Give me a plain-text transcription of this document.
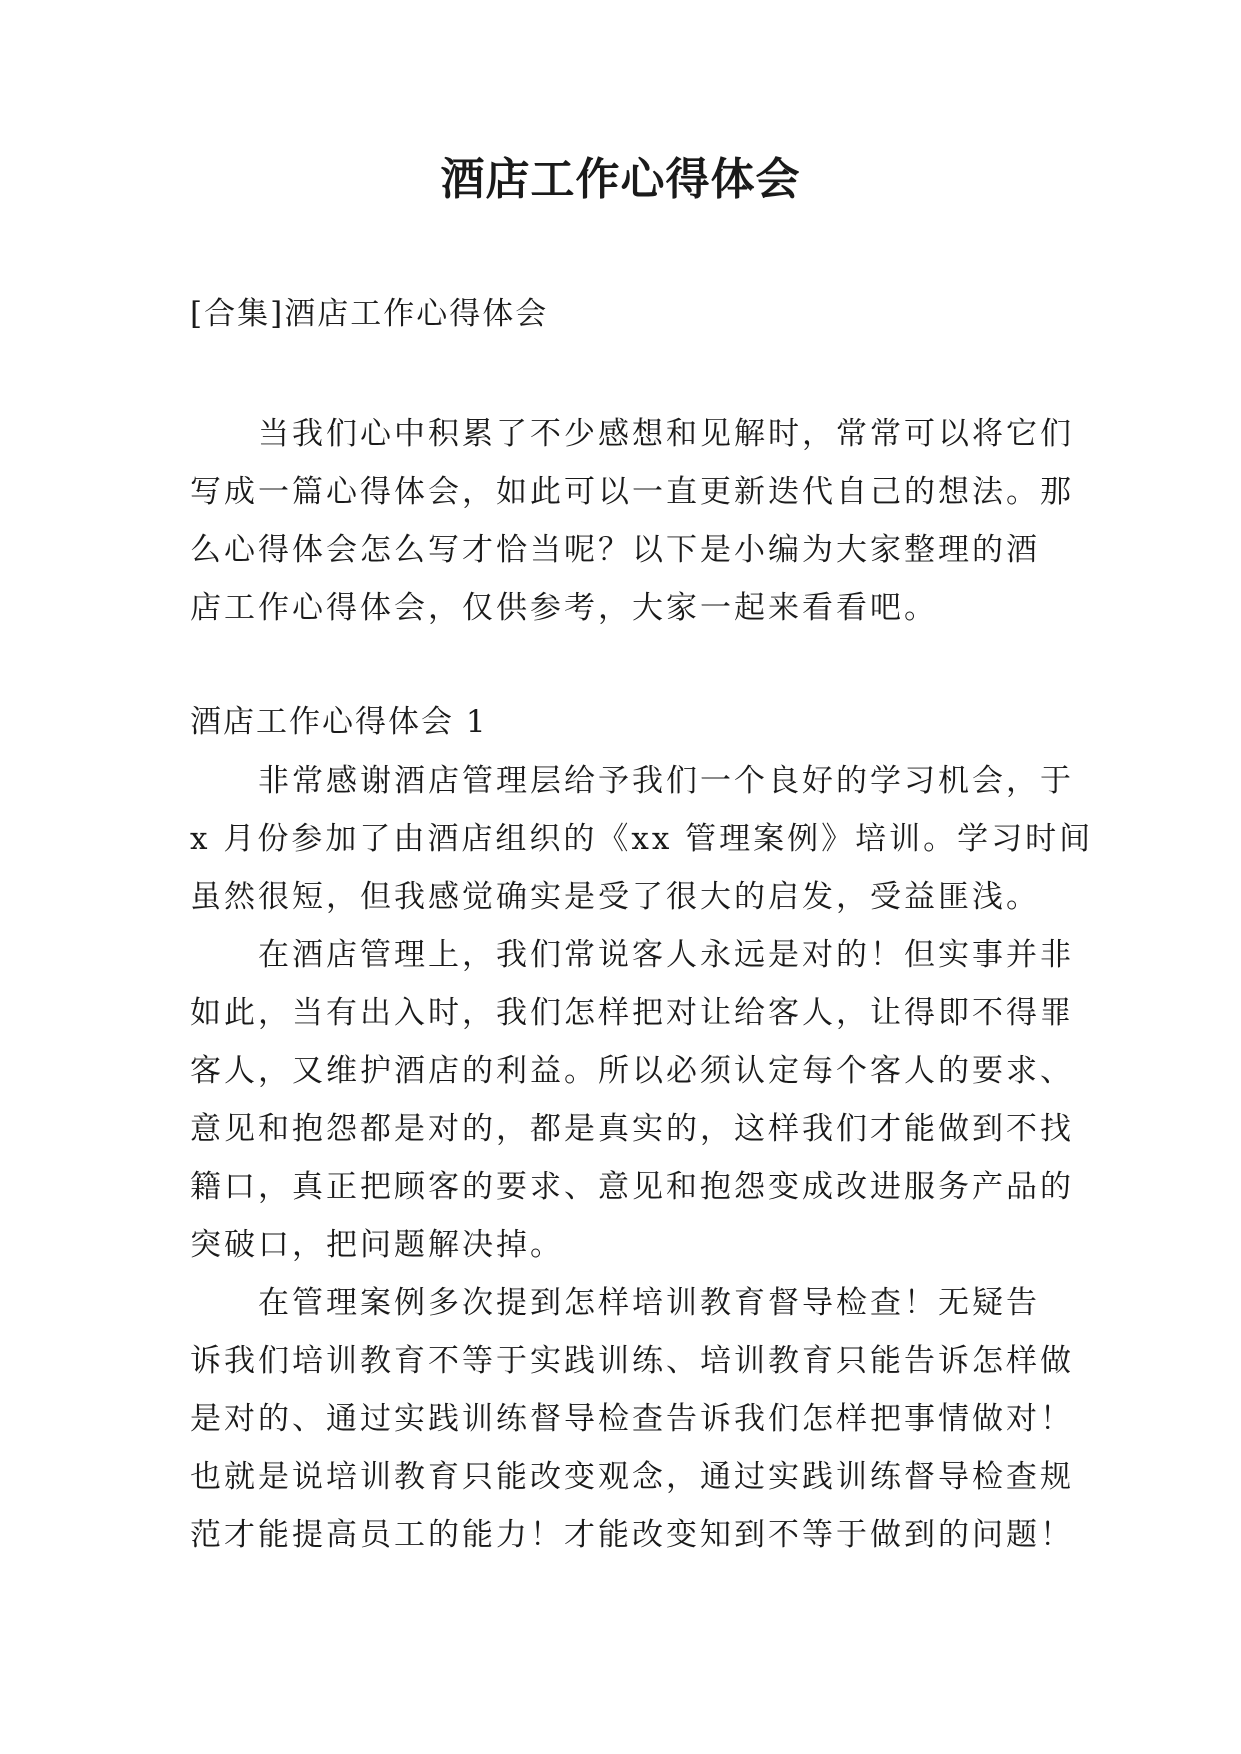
酒店工作心得体会
[合集]酒店工作心得体会
当我们心中积累了不少感想和见解时，常常可以将它们
写成一篇心得体会，如此可以一直更新迭代自己的想法。那
么心得体会怎么写才恰当呢？以下是小编为大家整理的酒
店工作心得体会，仅供参考，大家一起来看看吧。
酒店工作心得体会 1
非常感谢酒店管理层给予我们一个良好的学习机会，于
x 月份参加了由酒店组织的《xx 管理案例》培训。学习时间
虽然很短，但我感觉确实是受了很大的启发，受益匪浅。
在酒店管理上，我们常说客人永远是对的！但实事并非
如此，当有出入时，我们怎样把对让给客人，让得即不得罪
客人，又维护酒店的利益。所以必须认定每个客人的要求、
意见和抱怨都是对的，都是真实的，这样我们才能做到不找
籍口，真正把顾客的要求、意见和抱怨变成改进服务产品的
突破口，把问题解决掉。
在管理案例多次提到怎样培训教育督导检查！无疑告
诉我们培训教育不等于实践训练、培训教育只能告诉怎样做
是对的、通过实践训练督导检查告诉我们怎样把事情做对！
也就是说培训教育只能改变观念，通过实践训练督导检查规
范才能提高员工的能力！才能改变知到不等于做到的问题！
